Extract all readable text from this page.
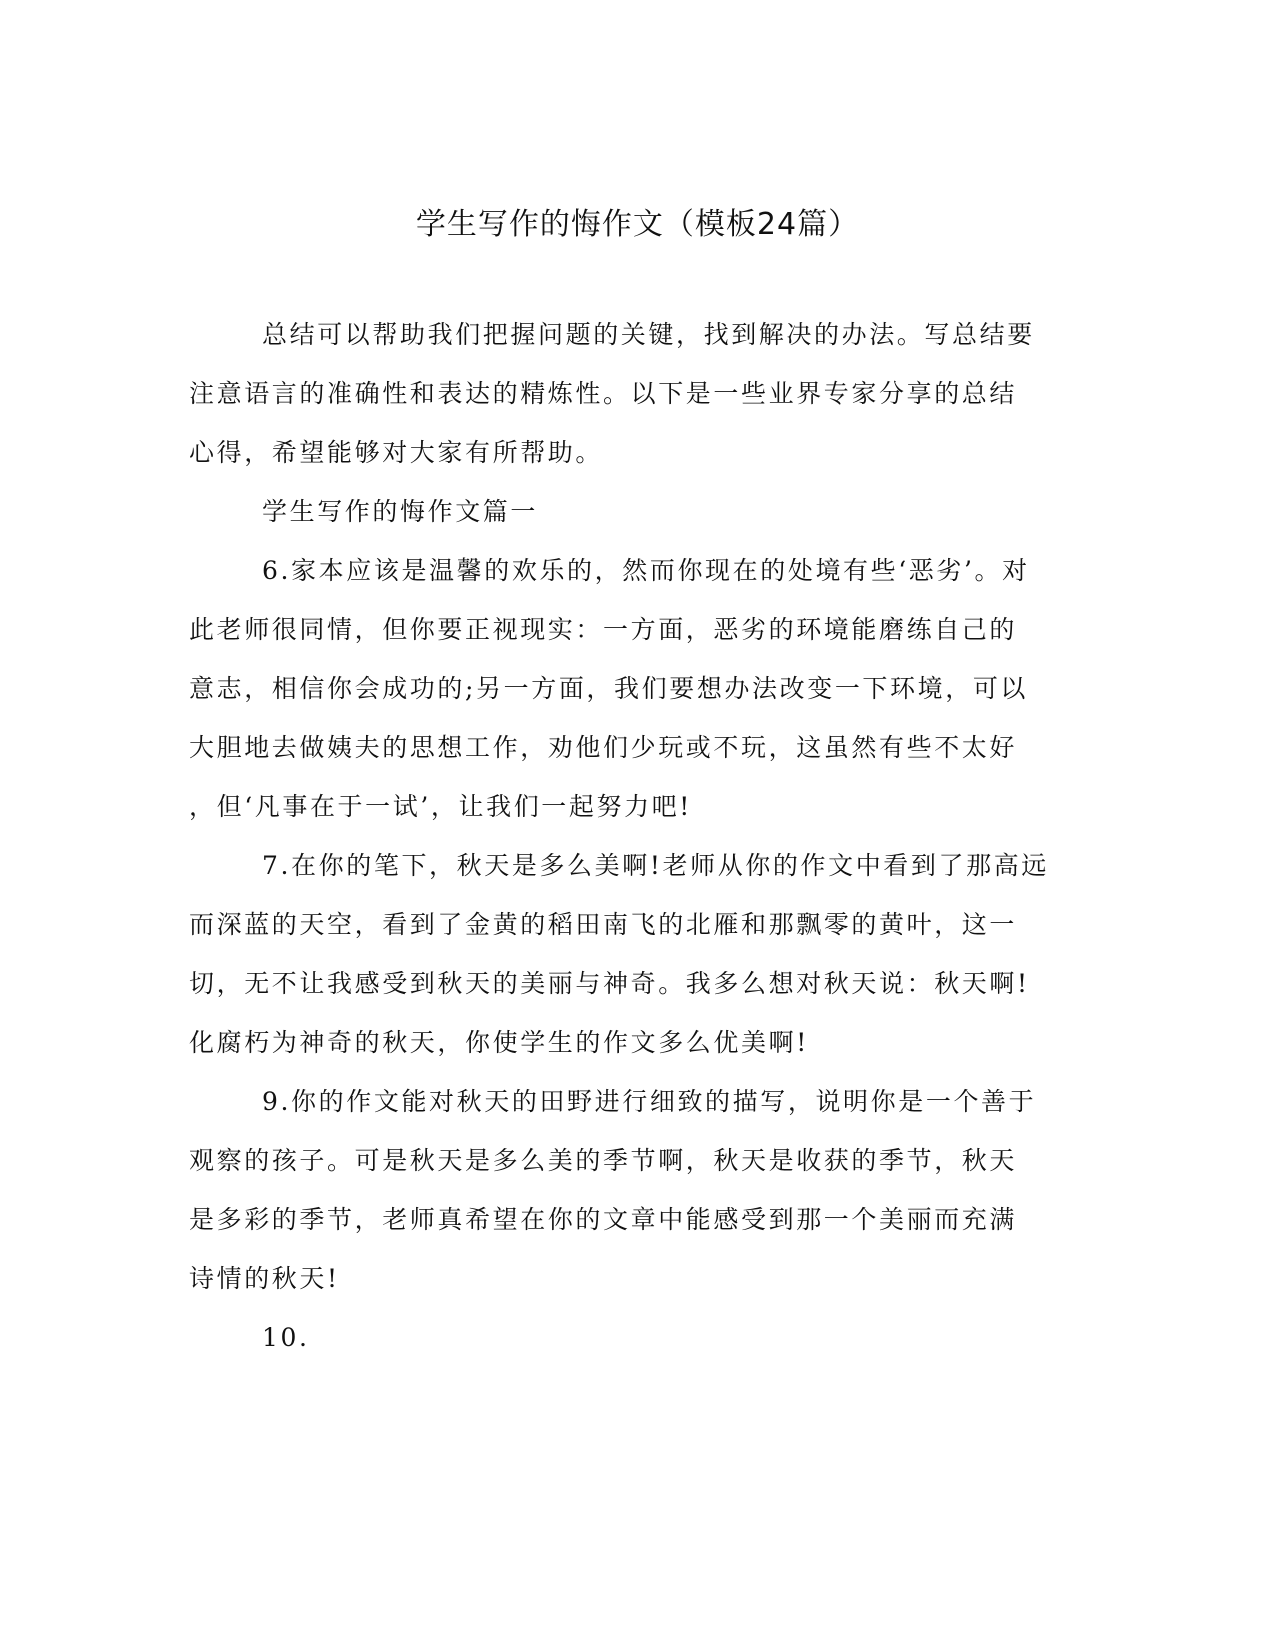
学生写作的悔作文（模板24篇）

总结可以帮助我们把握问题的关键，找到解决的办法。写总结要

注意语言的准确性和表达的精炼性。以下是一些业界专家分享的总结

心得，希望能够对大家有所帮助。

学生写作的悔作文篇一

6.家本应该是温馨的欢乐的，然而你现在的处境有些‘恶劣’。对

此老师很同情，但你要正视现实：一方面，恶劣的环境能磨练自己的

意志，相信你会成功的;另一方面，我们要想办法改变一下环境，可以

大胆地去做姨夫的思想工作，劝他们少玩或不玩，这虽然有些不太好

，但‘凡事在于一试’，让我们一起努力吧!

7.在你的笔下，秋天是多么美啊!老师从你的作文中看到了那高远

而深蓝的天空，看到了金黄的稻田南飞的北雁和那飘零的黄叶，这一

切，无不让我感受到秋天的美丽与神奇。我多么想对秋天说：秋天啊!

化腐朽为神奇的秋天，你使学生的作文多么优美啊!

9.你的作文能对秋天的田野进行细致的描写，说明你是一个善于

观察的孩子。可是秋天是多么美的季节啊，秋天是收获的季节，秋天

是多彩的季节，老师真希望在你的文章中能感受到那一个美丽而充满

诗情的秋天!

10.
